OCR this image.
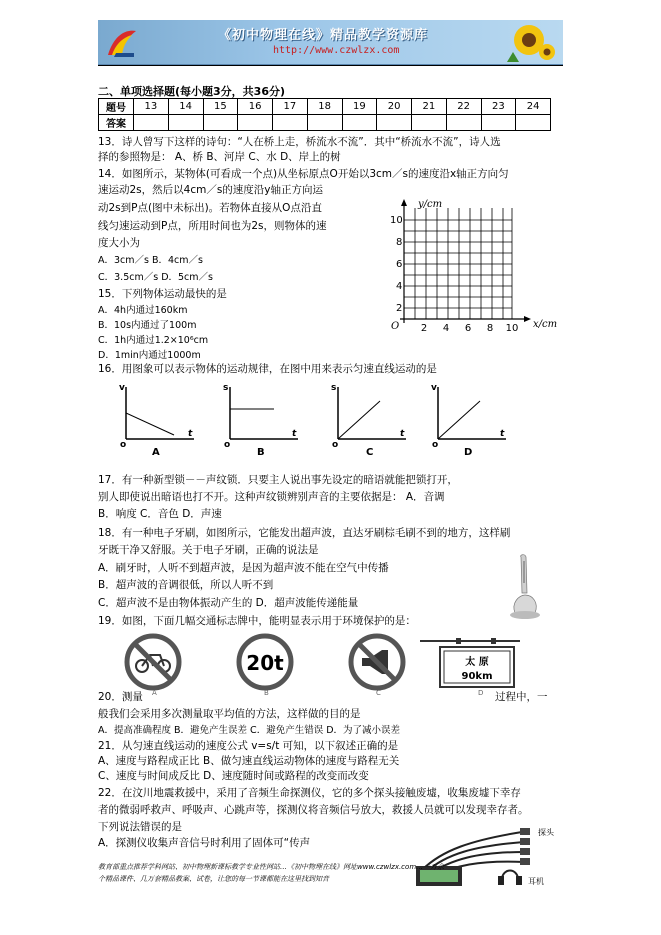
《初中物理在线》精品教学资源库
http://www.czwlzx.com
二、单项选择题(每小题3分，共36分)
题号	13	14	15	16	17	18	19	20	21	22	23	24
答案												
13．诗人曾写下这样的诗句：“人在桥上走，桥流水不流”．其中“桥流水不流”，诗人选
择的参照物是： A、桥 B、河岸 C、水 D、岸上的树
14．如图所示，某物体(可看成一个点)从坐标原点O开始以3cm／s的速度沿x轴正方向匀
速运动2s，然后以4cm／s的速度沿y轴正方向运
动2s到P点(图中未标出)。若物体直接从O点沿直
线匀速运动到P点，所用时间也为2s，则物体的速
度大小为
A．3cm／s B．4cm／s
C．3.5cm／s D．5cm／s
y/cm
x/cm
O
10
8
6
4
2
2 4 6 8 10
15．下列物体运动最快的是
A．4h内通过160km
B．10s内通过了100m
C．1h内通过1.2×10⁶cm
D．1min内通过1000m
16．用图象可以表示物体的运动规律，在图中用来表示匀速直线运动的是
v
t
o
s
t
o
s
t
o
v
t
o
A	B	C	D
17．有一种新型锁－－声纹锁．只要主人说出事先设定的暗语就能把锁打开，
别人即使说出暗语也打不开。这种声纹锁辨别声音的主要依据是： A．音调
B．响度 C．音色 D．声速
18．有一种电子牙刷，如图所示，它能发出超声波，直达牙刷棕毛刷不到的地方，这样刷
牙既干净又舒服。关于电子牙刷，正确的说法是
A．刷牙时，人听不到超声波，是因为超声波不能在空气中传播
B．超声波的音调很低，所以人听不到
C．超声波不是由物体振动产生的 D．超声波能传递能量
19．如图，下面几幅交通标志牌中，能明显表示用于环境保护的是：
20t	太 原
90km
A	B	C	D
20．测量	过程中，一
般我们会采用多次测量取平均值的方法，这样做的目的是
A．提高准确程度 B．避免产生误差 C．避免产生错误 D．为了减小误差
21．从匀速直线运动的速度公式 v=s/t 可知，以下叙述正确的是
A、速度与路程成正比 B、做匀速直线运动物体的速度与路程无关
C、速度与时间成反比 D、速度随时间或路程的改变而改变
22．在汶川地震救援中，采用了音频生命探测仪，它的多个探头接触废墟，收集废墟下幸存
者的微弱呼救声、呼吸声、心跳声等，探测仪将音频信号放大，救援人员就可以发现幸存者。
下列说法错误的是
A．探测仪收集声音信号时利用了固体可“传声
探头
耳机
教育部重点推荐学科网站、初中物理新课标教学专业性网站…《初中物理在线》网址www.czwlzx.com…一万余
个精品课件、几万套精品教案、试卷，让您的每一节课都能在这里找到知音
